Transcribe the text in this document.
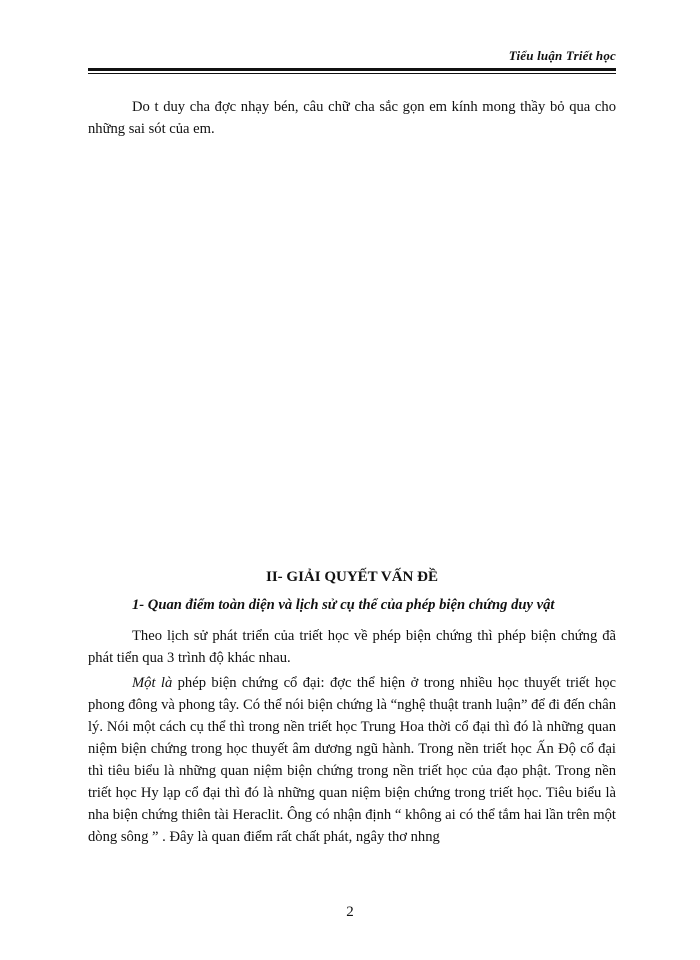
Tiểu luận Triết học

Do t duy cha đợc nhạy bén, câu chữ cha sắc gọn em kính mong thầy bỏ qua cho những sai sót của em.

II- GIẢI QUYẾT VẤN ĐỀ
1- Quan điểm toàn diện và lịch sử cụ thể của phép biện chứng duy vật

Theo lịch sử phát triển của triết học về phép biện chứng thì phép biện chứng đã phát tiển qua 3 trình độ khác nhau.

Một là phép biện chứng cổ đại: đợc thể hiện ở trong nhiều học thuyết triết học phong đông và phong tây. Có thể nói biện chứng là “nghệ thuật tranh luận” để đi đến chân lý. Nói một cách cụ thể thì trong nền triết học Trung Hoa thời cổ đại thì đó là những quan niệm biện chứng trong học thuyết âm dương ngũ hành. Trong nền triết học Ấn Độ cổ đại thì tiêu biểu là những quan niệm biện chứng trong nền triết học của đạo phật. Trong nền triết học Hy lạp cổ đại thì đó là những quan niệm biện chứng trong triết học. Tiêu biểu là nha biện chứng thiên tài Heraclit. Ông có nhận định “ không ai có thể tắm hai lần trên một dòng sông ” . Đây là quan điểm rất chất phát, ngây thơ nhng

2
